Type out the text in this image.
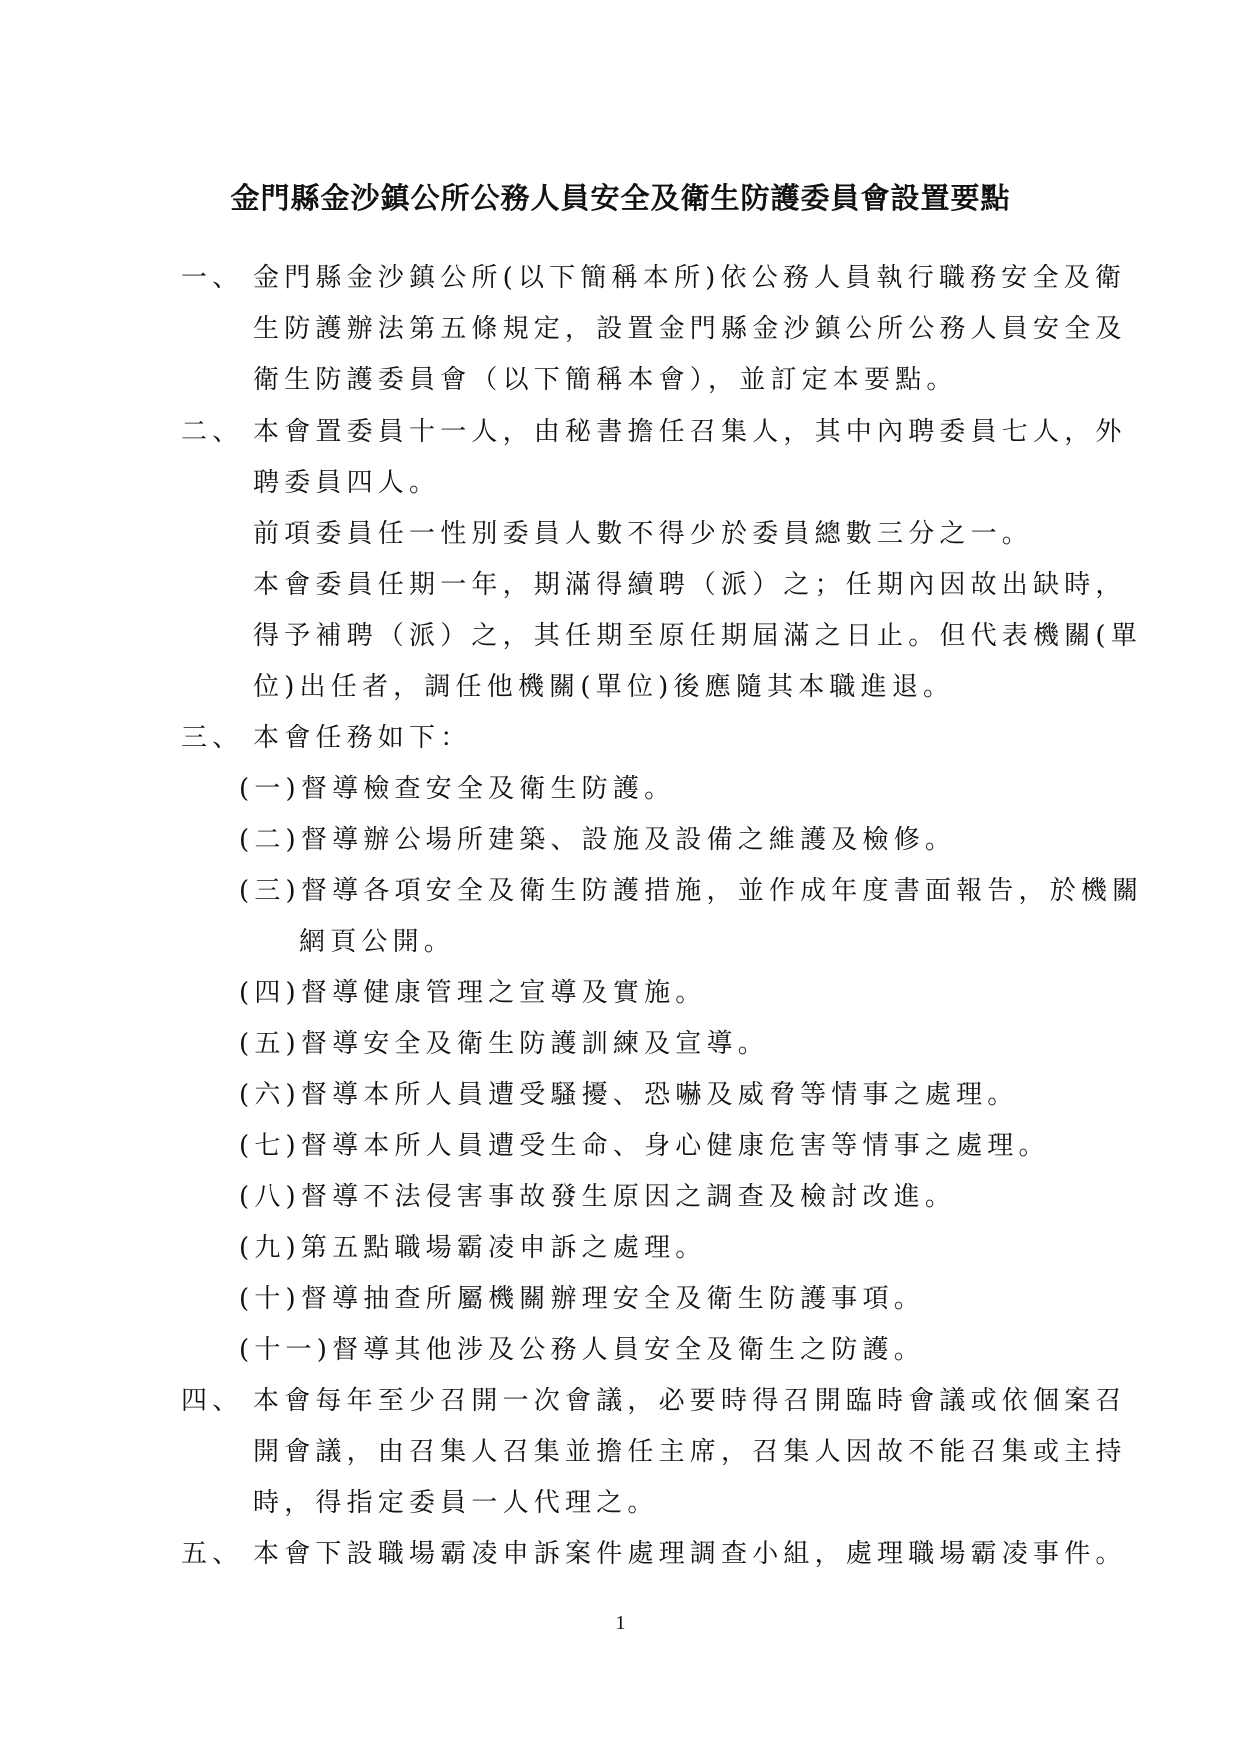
金門縣金沙鎮公所公務人員安全及衛生防護委員會設置要點
一、 金門縣金沙鎮公所(以下簡稱本所)依公務人員執行職務安全及衛
生防護辦法第五條規定，設置金門縣金沙鎮公所公務人員安全及
衛生防護委員會（以下簡稱本會），並訂定本要點。
二、 本會置委員十一人，由秘書擔任召集人，其中內聘委員七人，外
聘委員四人。
前項委員任一性別委員人數不得少於委員總數三分之一。
本會委員任期一年，期滿得續聘（派）之；任期內因故出缺時，
得予補聘（派）之，其任期至原任期屆滿之日止。但代表機關(單
位)出任者，調任他機關(單位)後應隨其本職進退。
三、 本會任務如下：
(一)督導檢查安全及衛生防護。
(二)督導辦公場所建築、設施及設備之維護及檢修。
(三)督導各項安全及衛生防護措施，並作成年度書面報告，於機關
網頁公開。
(四)督導健康管理之宣導及實施。
(五)督導安全及衛生防護訓練及宣導。
(六)督導本所人員遭受騷擾、恐嚇及威脅等情事之處理。
(七)督導本所人員遭受生命、身心健康危害等情事之處理。
(八)督導不法侵害事故發生原因之調查及檢討改進。
(九)第五點職場霸凌申訴之處理。
(十)督導抽查所屬機關辦理安全及衛生防護事項。
(十一)督導其他涉及公務人員安全及衛生之防護。
四、 本會每年至少召開一次會議，必要時得召開臨時會議或依個案召
開會議，由召集人召集並擔任主席，召集人因故不能召集或主持
時，得指定委員一人代理之。
五、 本會下設職場霸凌申訴案件處理調查小組，處理職場霸凌事件。
1
